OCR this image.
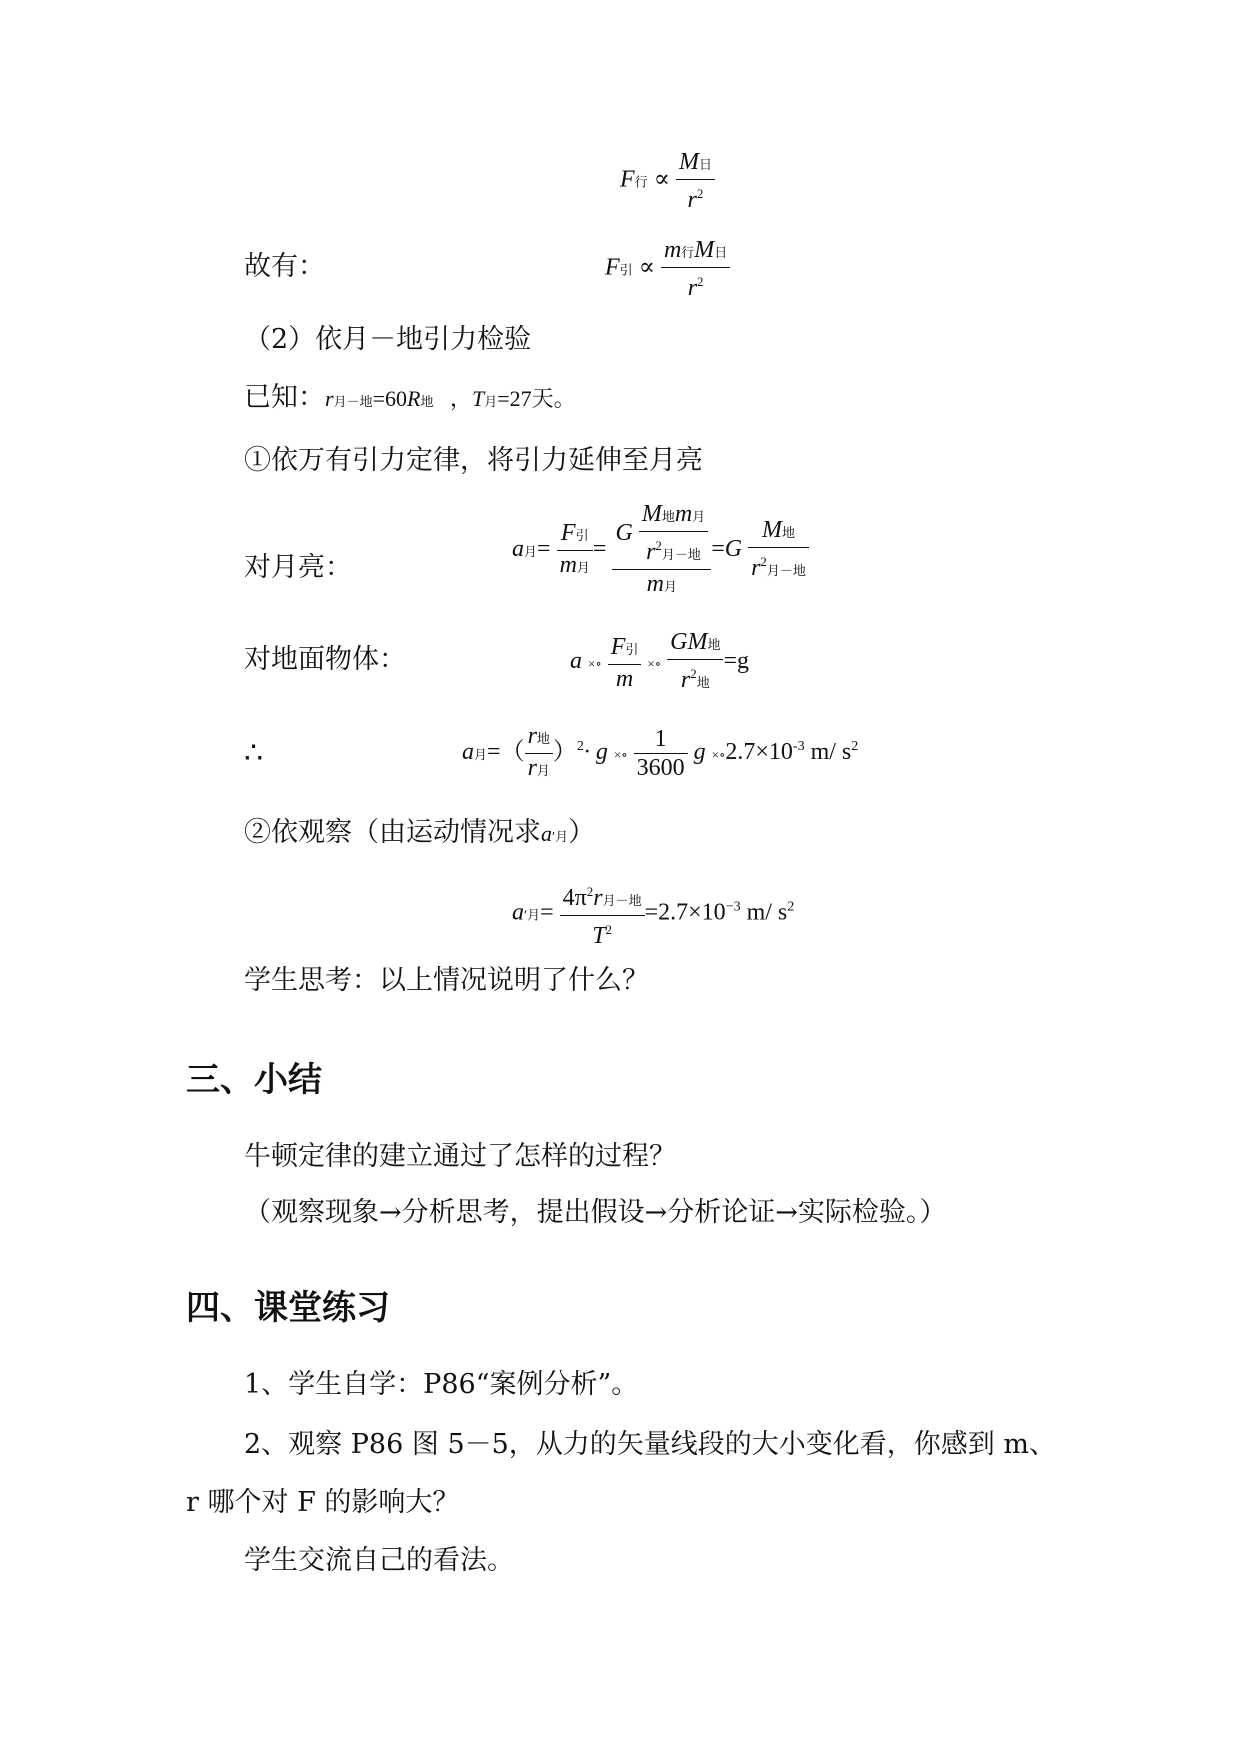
F行 ∝ $\frac{\text{M日}}{r^2}$
故有：	F引 ∝ $\frac{\text{m行M日}}{r^2}$
（2）依月－地引力检验
已知：r月－地=60R地 ，T月=27天。
①依万有引力定律，将引力延伸至月亮
对月亮：
a月= $\frac{\text{F引}}{\text{m月}} = \frac{G \frac{\text{M地m月}}{r^2月-地}}{\text{m月}} =G \frac{\text{M地}}{r^2月-地}$
对地面物体：	a ×∘ $\frac{\text{F引}}{m}$ ×∘ $\frac{\text{GM地}}{r^2地} =g$
∴	a月=（ $\frac{\text{r地}}{\text{r月}} )^2\cdot g$ ×∘ $\frac{1}{3600}$ $g \times\circ 2.7\times 10^{-3}$ m/ $s^2$
②依观察（由运动情况求a′月）
a′月= $\frac{4\pi^2r月-地}{T^2} =2.7\times 10^{-3}$ m/ $s^2$
学生思考：以上情况说明了什么？
三、小结
牛顿定律的建立通过了怎样的过程？
（观察现象→分析思考，提出假设→分析论证→实际检验。）
四、课堂练习
1、学生自学：P86“案例分析”。
2、观察 P86 图 5－5，从力的矢量线段的大小变化看，你感到 m、
r 哪个对 F 的影响大？
学生交流自己的看法。
